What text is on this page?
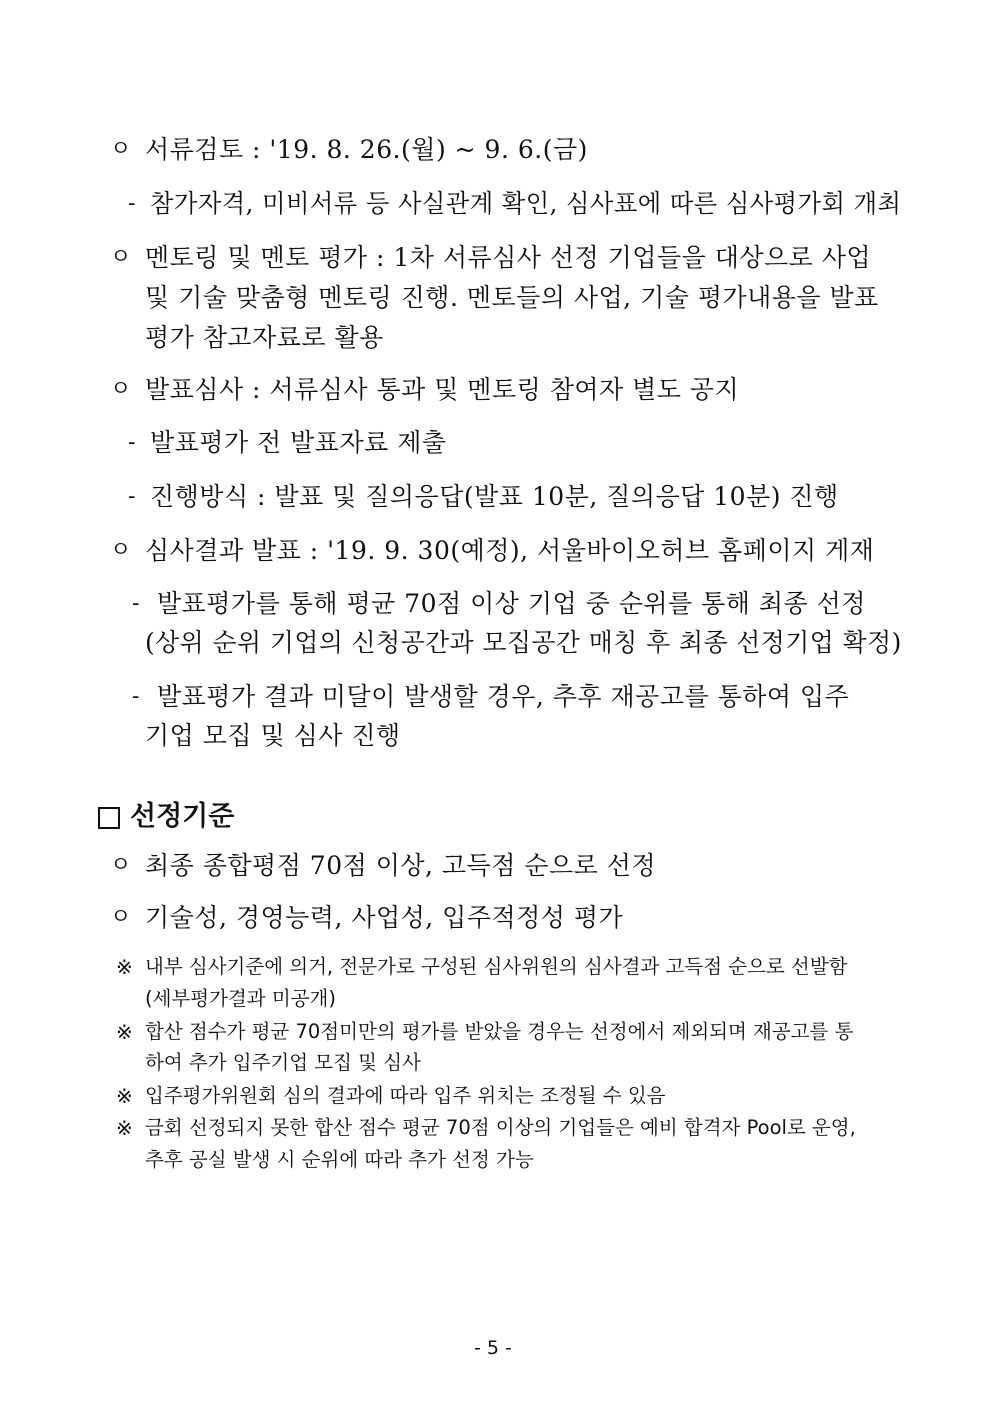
ㅇ 서류검토 : '19. 8. 26.(월) ~ 9. 6.(금)
- 참가자격, 미비서류 등 사실관계 확인, 심사표에 따른 심사평가회 개최
ㅇ 멘토링 및 멘토 평가 : 1차 서류심사 선정 기업들을 대상으로 사업
및 기술 맞춤형 멘토링 진행. 멘토들의 사업, 기술 평가내용을 발표
평가 참고자료로 활용
ㅇ 발표심사 : 서류심사 통과 및 멘토링 참여자 별도 공지
- 발표평가 전 발표자료 제출
- 진행방식 : 발표 및 질의응답(발표 10분, 질의응답 10분) 진행
ㅇ 심사결과 발표 : '19. 9. 30(예정), 서울바이오허브 홈페이지 게재
- 발표평가를 통해 평균 70점 이상 기업 중 순위를 통해 최종 선정
(상위 순위 기업의 신청공간과 모집공간 매칭 후 최종 선정기업 확정)
- 발표평가 결과 미달이 발생할 경우, 추후 재공고를 통하여 입주
기업 모집 및 심사 진행
선정기준
ㅇ 최종 종합평점 70점 이상, 고득점 순으로 선정
ㅇ 기술성, 경영능력, 사업성, 입주적정성 평가
※ 내부 심사기준에 의거, 전문가로 구성된 심사위원의 심사결과 고득점 순으로 선발함
(세부평가결과 미공개)
※ 합산 점수가 평균 70점미만의 평가를 받았을 경우는 선정에서 제외되며 재공고를 통
하여 추가 입주기업 모집 및 심사
※ 입주평가위원회 심의 결과에 따라 입주 위치는 조정될 수 있음
※ 금회 선정되지 못한 합산 점수 평균 70점 이상의 기업들은 예비 합격자 Pool로 운영,
추후 공실 발생 시 순위에 따라 추가 선정 가능
- 5 -
